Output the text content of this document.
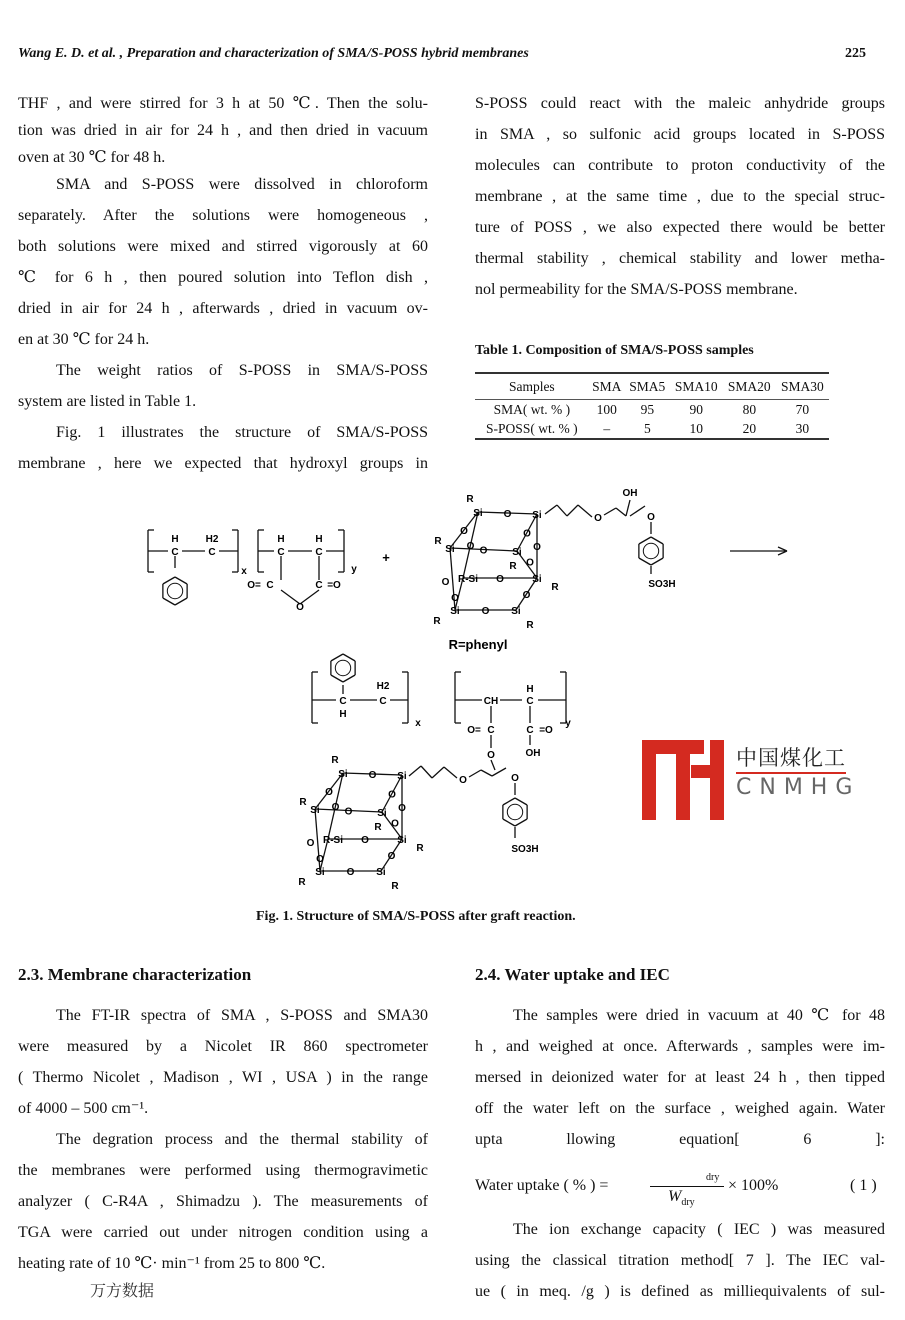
Wang E. D. et al. , Preparation and characterization of SMA/S-POSS hybrid membranes	225
THF , and were stirred for 3 h at 50 ℃. Then the solu-
tion was dried in air for 24 h , and then dried in vacuum
oven at 30 ℃ for 48 h.
SMA and S-POSS were dissolved in chloroform
separately. After the solutions were homogeneous ,
both solutions were mixed and stirred vigorously at 60
℃ for 6 h , then poured solution into Teflon dish ,
dried in air for 24 h , afterwards , dried in vacuum ov-
en at 30 ℃ for 24 h.
The weight ratios of S-POSS in SMA/S-POSS
system are listed in Table 1.
Fig. 1 illustrates the structure of SMA/S-POSS
membrane , here we expected that hydroxyl groups in
S-POSS could react with the maleic anhydride groups
in SMA , so sulfonic acid groups located in S-POSS
molecules can contribute to proton conductivity of the
membrane , at the same time , due to the special struc-
ture of POSS , we also expected there would be better
thermal stability , chemical stability and lower metha-
nol permeability for the SMA/S-POSS membrane.
Table 1. Composition of SMA/S-POSS samples
Samples	SMA	SMA5	SMA10	SMA20	SMA30
SMA( wt. % )	100	95	90	80	70
S-POSS( wt. % )	–	5	10	20	30
H
C
H2
C
x
H
C
H
C
y
C
O=	C =O
O
+
O
O	O
O
O	O
O
O
O
O
O
O
Si	Si
Si	Si
R-Si	Si
Si	Si
R
R
R
R
R	R
O
OH
O
SO3H
R=phenyl
C
H
C
H2
x
CH	C
H
y
C
O=
O
C =O
OH
O
O	O
O
O	O
O
O
O
O
O
O
Si	Si
Si	Si
R-Si	Si
Si	Si
R
R
R
R
R	R
O	O
SO3H
Fig. 1. Structure of SMA/S-POSS after graft reaction.
2.3. Membrane characterization	2.4. Water uptake and IEC
The FT-IR spectra of SMA , S-POSS and SMA30
were measured by a Nicolet IR 860 spectrometer
( Thermo Nicolet , Madison , WI , USA ) in the range
of 4000 – 500 cm⁻¹.
The degration process and the thermal stability of
the membranes were performed using thermogravimetic
analyzer ( C-R4A , Shimadzu ). The measurements of
TGA were carried out under nitrogen condition using a
heating rate of 10 ℃· min⁻¹ from 25 to 800 ℃.
The samples were dried in vacuum at 40 ℃ for 48
h , and weighed at once. Afterwards , samples were im-
mersed in deionized water for at least 24 h , then tipped
off the water left on the surface , weighed again. Water
upta llowing equation[ 6 ]:
Water uptake ( % ) =	dry
$W_{dry}$
× 100%	( 1 )
The ion exchange capacity ( IEC ) was measured
using the classical titration method[ 7 ]. The IEC val-
ue ( in meq. /g ) is defined as milliequivalents of sul-
中国煤化工
CNMHG
万方数据
